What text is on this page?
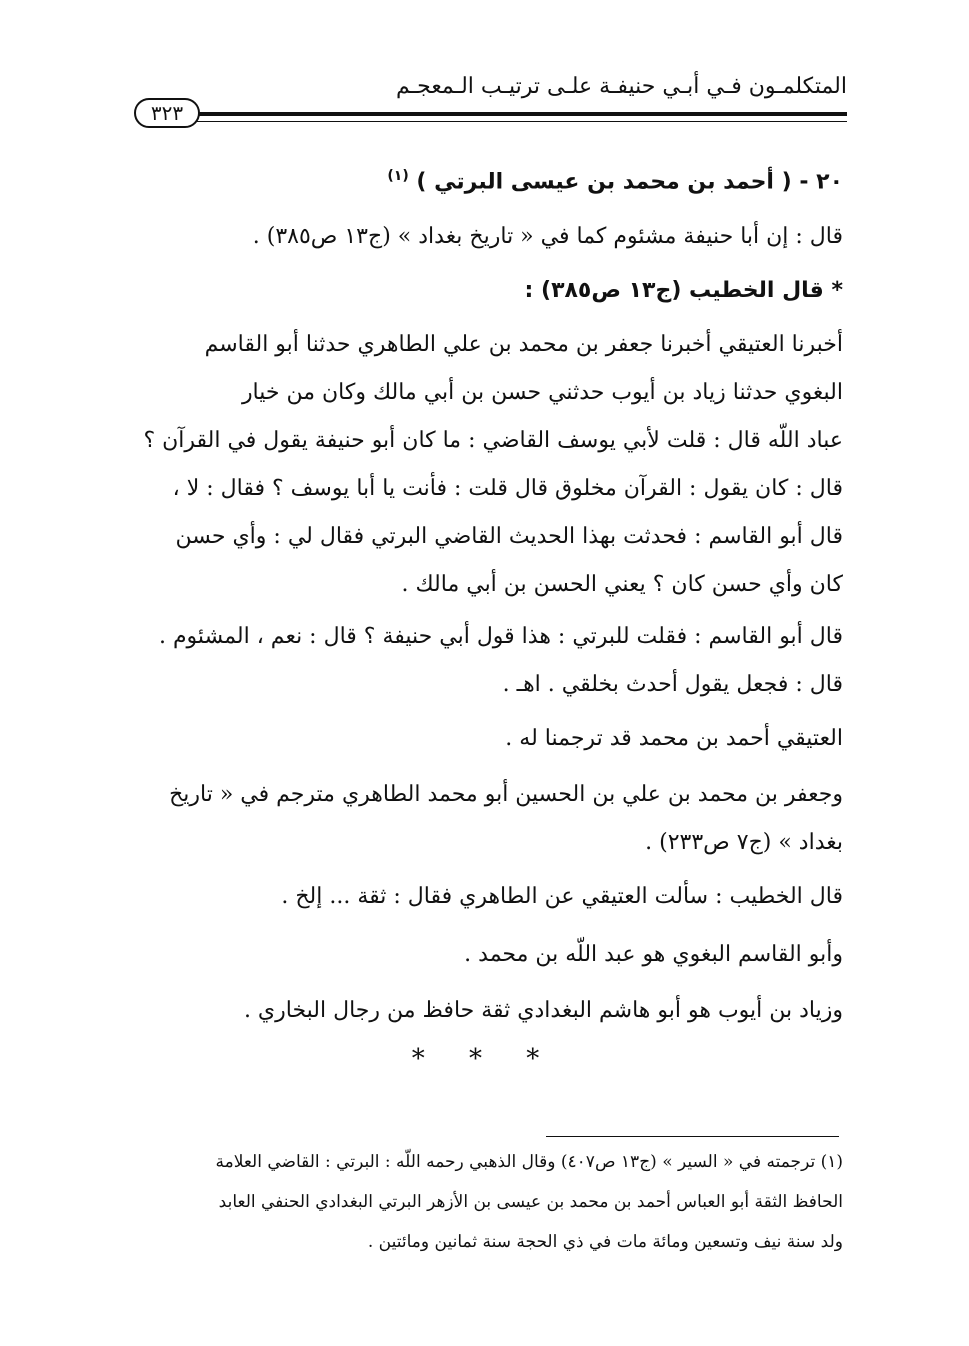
المتكلمـون فـي أبـي حنيفـة علـى ترتيـب الـمعجـم
٣٢٣
٢٠ - ( أحمد بن محمد بن عيسى البرتي ) $^{(١)}$
قال : إن أبا حنيفة مشئوم كما في « تاريخ بغداد » (ج١٣ ص٣٨٥) .
* قال الخطيب (ج١٣ ص٣٨٥) :
أخبرنا العتيقي أخبرنا جعفر بن محمد بن علي الطاهري حدثنا أبو القاسم
البغوي حدثنا زياد بن أيوب حدثني حسن بن أبي مالك وكان من خيار
عباد اللّه قال : قلت لأبي يوسف القاضي : ما كان أبو حنيفة يقول في القرآن ؟
قال : كان يقول : القرآن مخلوق قال قلت : فأنت يا أبا يوسف ؟ فقال : لا ،
قال أبو القاسم : فحدثت بهذا الحديث القاضي البرتي فقال لي : وأي حسن
كان وأي حسن كان ؟ يعني الحسن بن أبي مالك .
قال أبو القاسم : فقلت للبرتي : هذا قول أبي حنيفة ؟ قال : نعم ، المشئوم .
قال : فجعل يقول أحدث بخلقي . اهـ .
العتيقي أحمد بن محمد قد ترجمنا له .
وجعفر بن محمد بن علي بن الحسين أبو محمد الطاهري مترجم في « تاريخ
بغداد » (ج٧ ص٢٣٣) .
قال الخطيب : سألت العتيقي عن الطاهري فقال : ثقة ... إلخ .
وأبو القاسم البغوي هو عبد اللّه بن محمد .
وزياد بن أيوب هو أبو هاشم البغدادي ثقة حافظ من رجال البخاري .
* * *
(١) ترجمته في « السير » (ج١٣ ص٤٠٧) وقال الذهبي رحمه اللّه : البرتي : القاضي العلامة
الحافظ الثقة أبو العباس أحمد بن محمد بن عيسى بن الأزهر البرتي البغدادي الحنفي العابد
ولد سنة نيف وتسعين ومائة مات في ذي الحجة سنة ثمانين ومائتين .
